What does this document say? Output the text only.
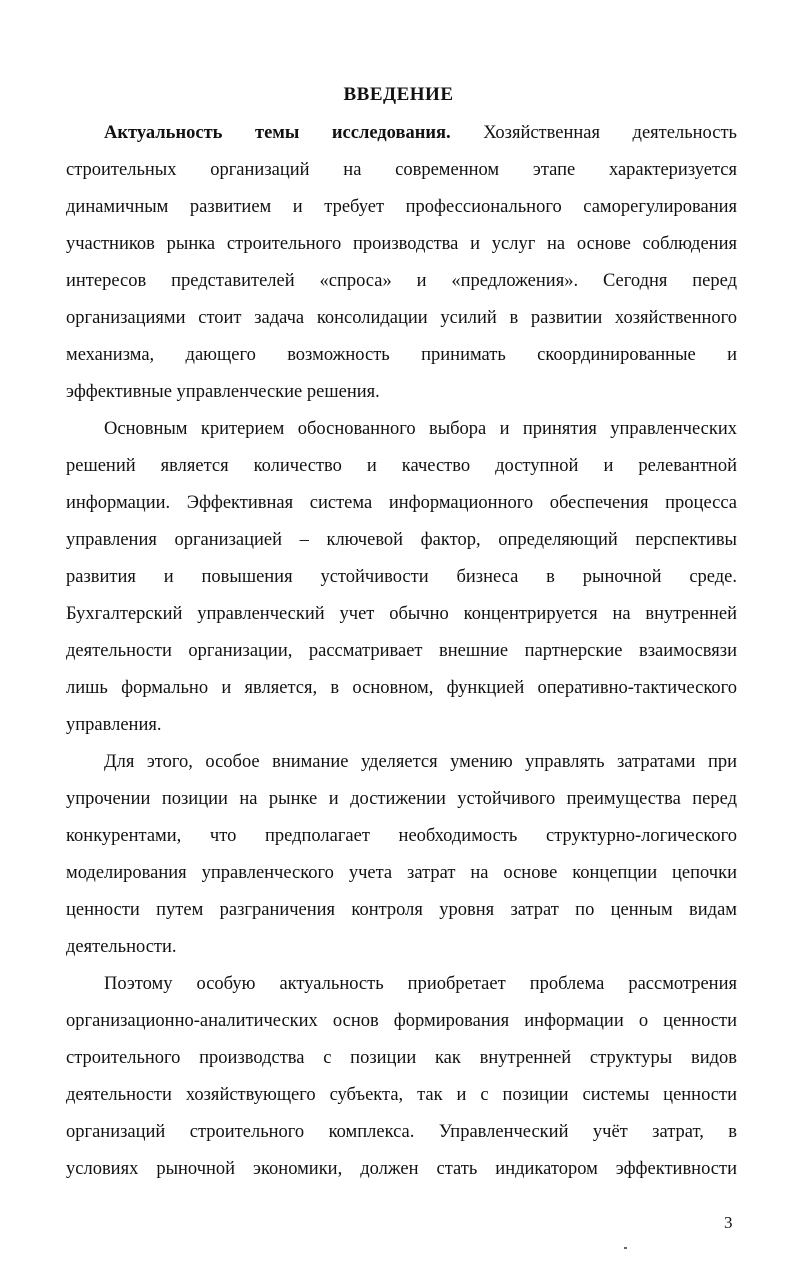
ВВЕДЕНИЕ
Актуальность темы исследования. Хозяйственная деятельность
строительных организаций на современном этапе характеризуется
динамичным развитием и требует профессионального саморегулирования
участников рынка строительного производства и услуг на основе соблюдения
интересов представителей «спроса» и «предложения». Сегодня перед
организациями стоит задача консолидации усилий в развитии хозяйственного
механизма, дающего возможность принимать скоординированные и
эффективные управленческие решения.
Основным критерием обоснованного выбора и принятия управленческих
решений является количество и качество доступной и релевантной
информации. Эффективная система информационного обеспечения процесса
управления организацией – ключевой фактор, определяющий перспективы
развития и повышения устойчивости бизнеса в рыночной среде.
Бухгалтерский управленческий учет обычно концентрируется на внутренней
деятельности организации, рассматривает внешние партнерские взаимосвязи
лишь формально и является, в основном, функцией оперативно-тактического
управления.
Для этого, особое внимание уделяется умению управлять затратами при
упрочении позиции на рынке и достижении устойчивого преимущества перед
конкурентами, что предполагает необходимость структурно-логического
моделирования управленческого учета затрат на основе концепции цепочки
ценности путем разграничения контроля уровня затрат по ценным видам
деятельности.
Поэтому особую актуальность приобретает проблема рассмотрения
организационно-аналитических основ формирования информации о ценности
строительного производства с позиции как внутренней структуры видов
деятельности хозяйствующего субъекта, так и с позиции системы ценности
организаций строительного комплекса. Управленческий учёт затрат, в
условиях рыночной экономики, должен стать индикатором эффективности
3
